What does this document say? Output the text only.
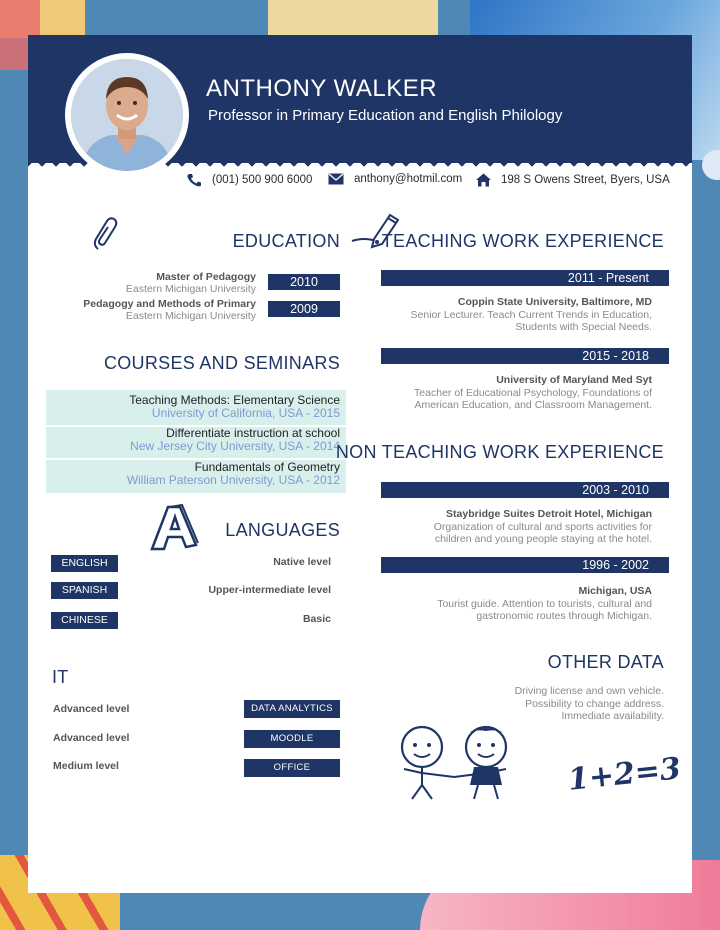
ANTHONY WALKER
Professor in Primary Education and English Philology
(001) 500 900 6000	anthony@hotmil.com	198 S Owens Street, Byers, USA
EDUCATION
Master of Pedagogy
Eastern Michigan University	2010
Pedagogy and Methods of Primary
Eastern Michigan University	2009
COURSES AND SEMINARS
Teaching Methods: Elementary Science
University of California, USA - 2015
Differentiate instruction at school
New Jersey City University, USA - 2014
Fundamentals of Geometry
William Paterson University, USA - 2012
LANGUAGES
ENGLISH	Native level
SPANISH	Upper-intermediate level
CHINESE	Basic
IT
Advanced level	DATA ANALYTICS
Advanced level	MOODLE
Medium level	OFFICE
TEACHING WORK EXPERIENCE
2011 - Present
Coppin State University, Baltimore, MD
Senior Lecturer. Teach Current Trends in Education,
Students with Special Needs.
2015 - 2018
University of Maryland Med Syt
Teacher of Educational Psychology, Foundations of
American Education, and Classroom Management.
NON TEACHING WORK EXPERIENCE
2003 - 2010
Staybridge Suites Detroit Hotel, Michigan
Organization of cultural and sports activities for
children and young people staying at the hotel.
1996 - 2002
Michigan, USA
Tourist guide. Attention to tourists, cultural and
gastronomic routes through Michigan.
OTHER DATA
Driving license and own vehicle.
Possibility to change address.
Immediate availability.
1+2=3
